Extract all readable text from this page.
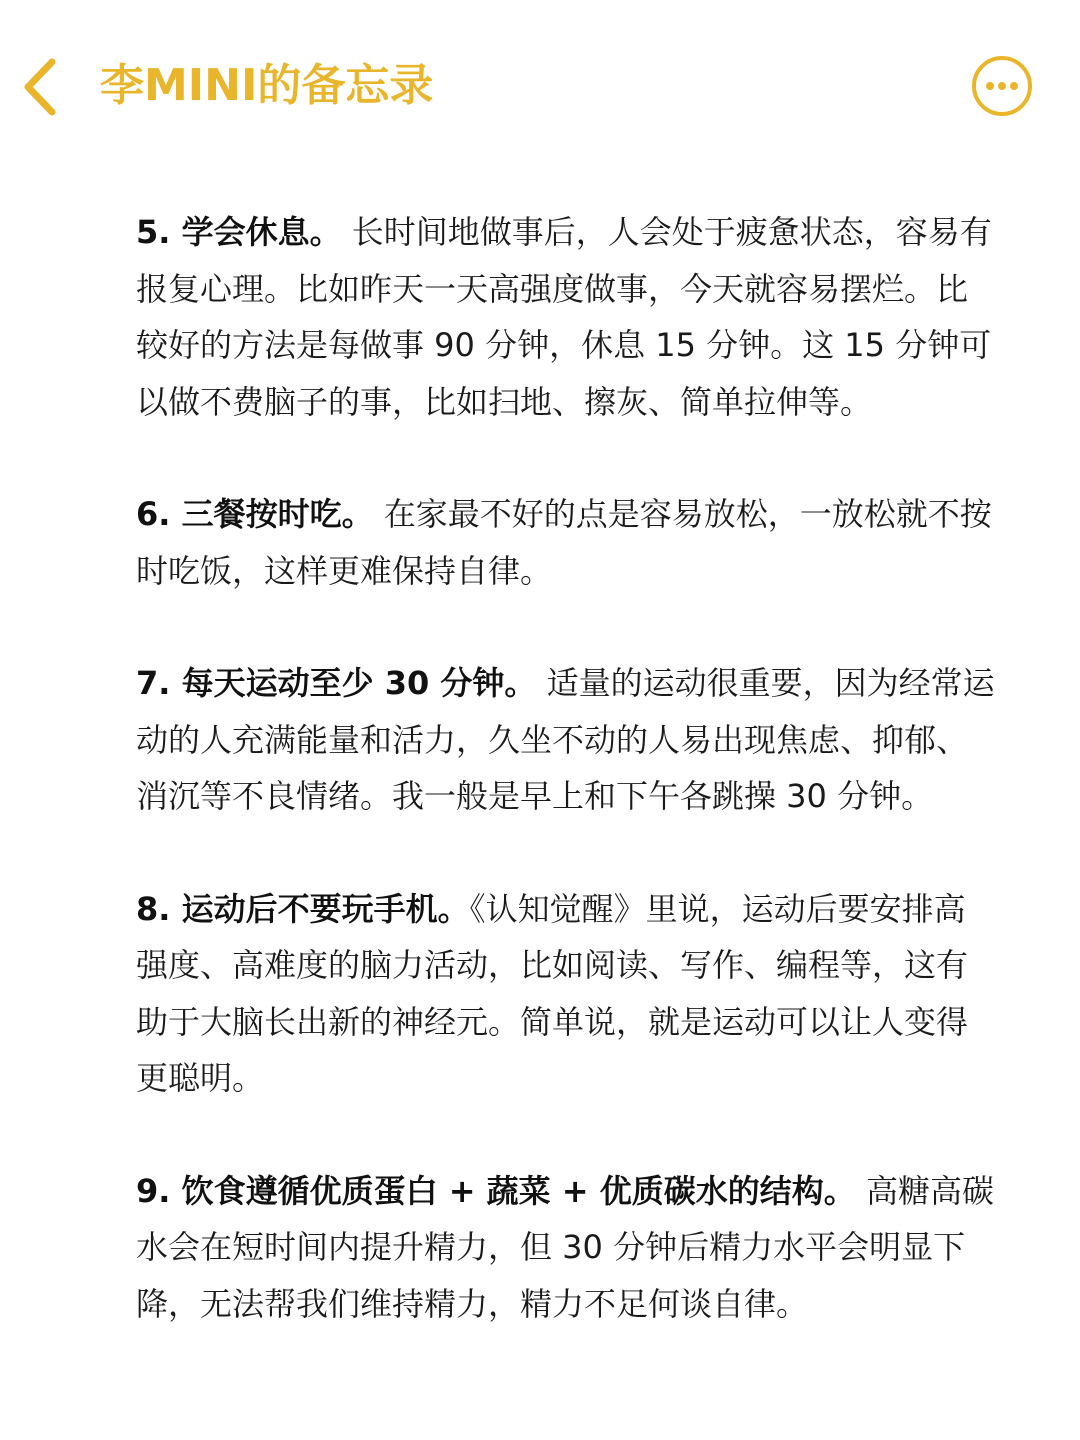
李MINI的备忘录

5. 学会休息。 长时间地做事后，人会处于疲惫状态，容易有报复心理。比如昨天一天高强度做事，今天就容易摆烂。比较好的方法是每做事 90 分钟，休息 15 分钟。这 15 分钟可以做不费脑子的事，比如扫地、擦灰、简单拉伸等。

6. 三餐按时吃。 在家最不好的点是容易放松，一放松就不按时吃饭，这样更难保持自律。

7. 每天运动至少 30 分钟。 适量的运动很重要，因为经常运动的人充满能量和活力，久坐不动的人易出现焦虑、抑郁、消沉等不良情绪。我一般是早上和下午各跳操 30 分钟。

8. 运动后不要玩手机。《认知觉醒》里说，运动后要安排高强度、高难度的脑力活动，比如阅读、写作、编程等，这有助于大脑长出新的神经元。简单说，就是运动可以让人变得更聪明。

9. 饮食遵循优质蛋白 + 蔬菜 + 优质碳水的结构。 高糖高碳水会在短时间内提升精力，但 30 分钟后精力水平会明显下降，无法帮我们维持精力，精力不足何谈自律。
